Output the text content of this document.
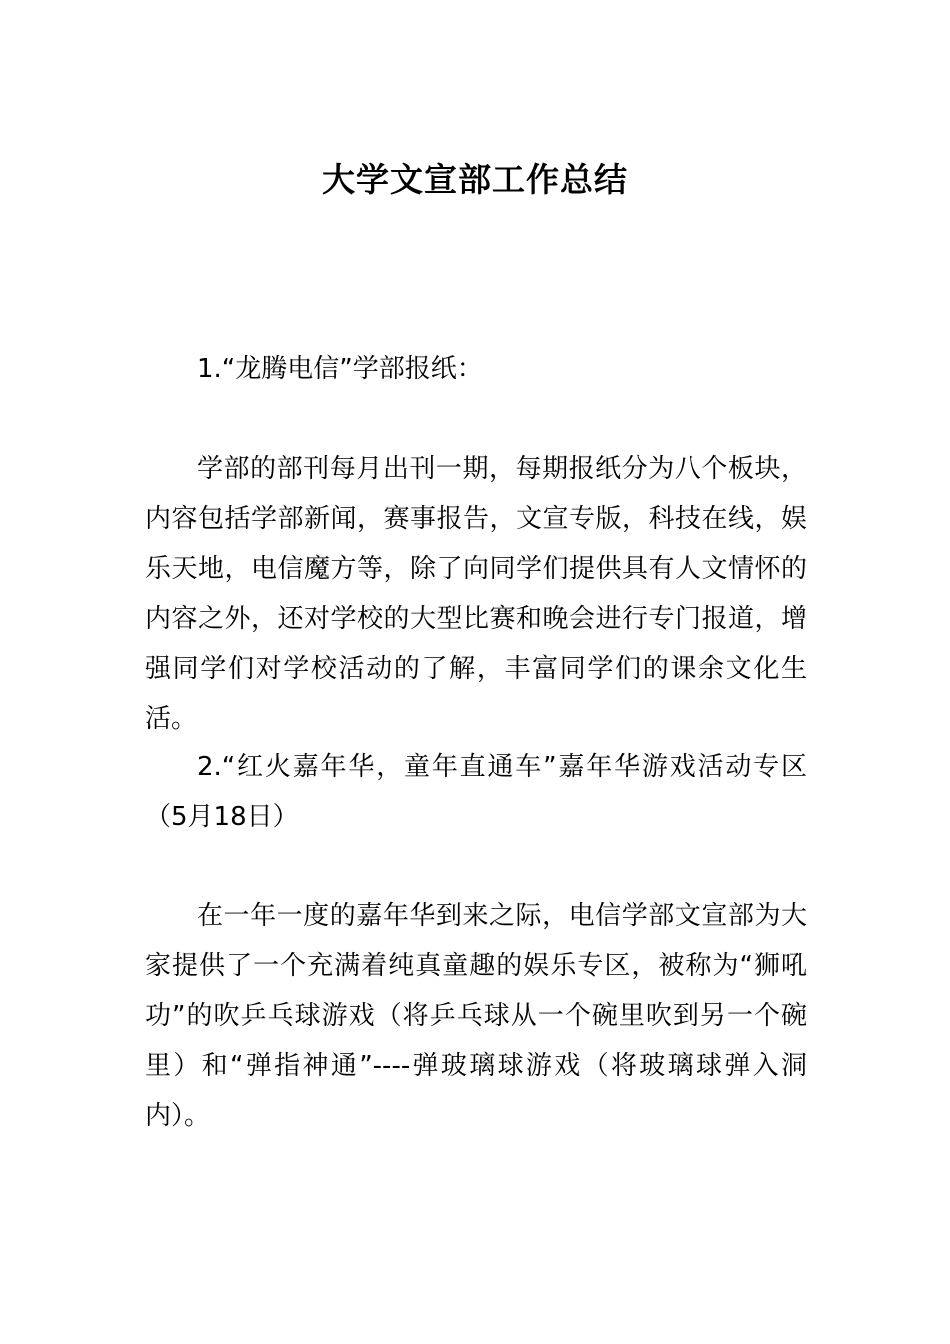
大学文宣部工作总结

1.“龙腾电信”学部报纸：

学部的部刊每月出刊一期，每期报纸分为八个板块，内容包括学部新闻，赛事报告，文宣专版，科技在线，娱乐天地，电信魔方等，除了向同学们提供具有人文情怀的内容之外，还对学校的大型比赛和晚会进行专门报道，增强同学们对学校活动的了解，丰富同学们的课余文化生活。

2.“红火嘉年华，童年直通车”嘉年华游戏活动专区（5月18日）

在一年一度的嘉年华到来之际，电信学部文宣部为大家提供了一个充满着纯真童趣的娱乐专区，被称为“狮吼功”的吹乒乓球游戏（将乒乓球从一个碗里吹到另一个碗里）和“弹指神通”----弹玻璃球游戏（将玻璃球弹入洞内）。
